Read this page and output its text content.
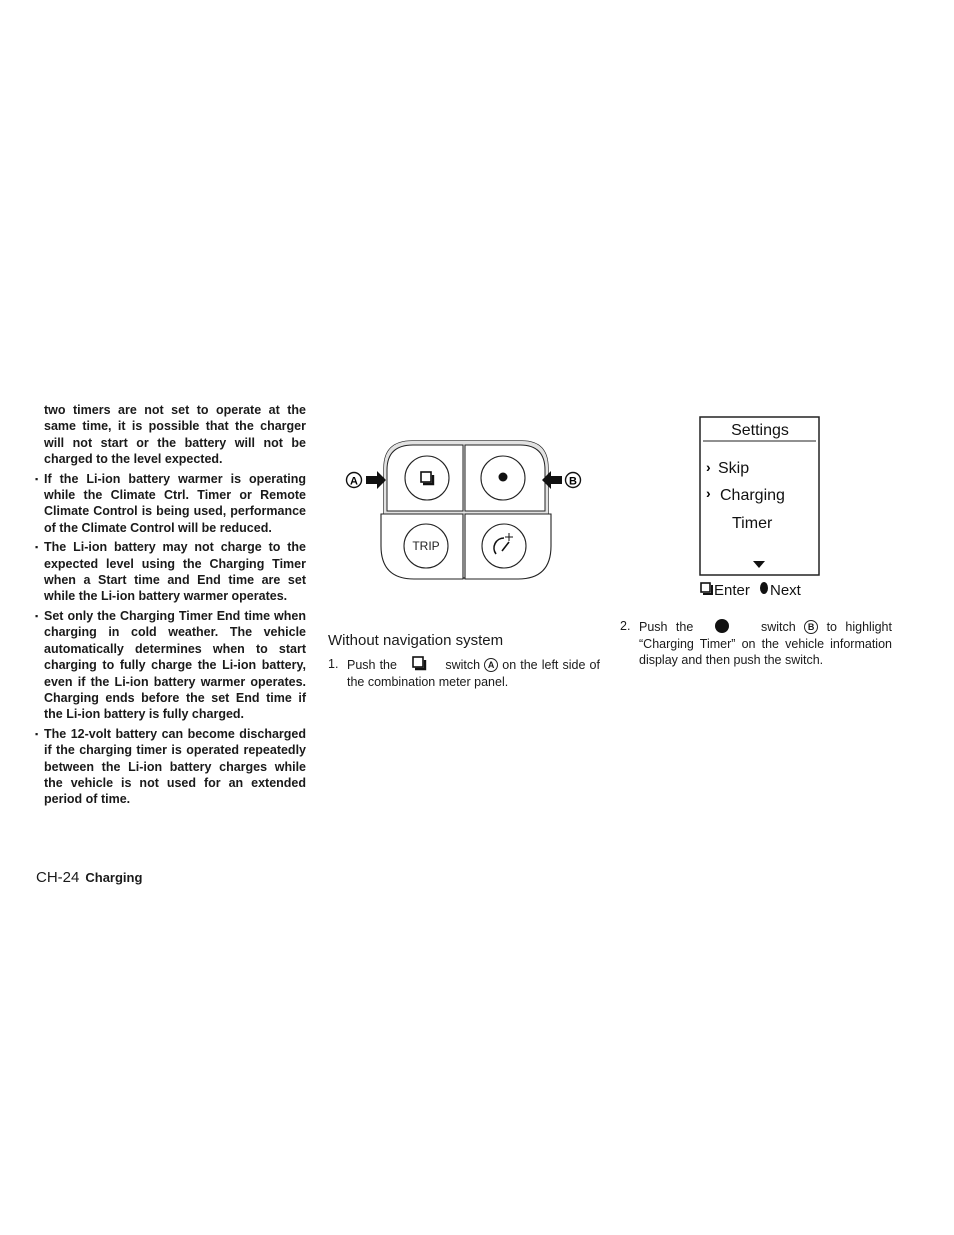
two timers are not set to operate at the same time, it is possible that the charger will not start or the battery will not be charged to the level expected.

▪ If the Li-ion battery warmer is operating while the Climate Ctrl. Timer or Remote Climate Control is being used, performance of the Climate Control will be reduced.

▪ The Li-ion battery may not charge to the expected level using the Charging Timer when a Start time and End time are set while the Li-ion battery warmer operates.

▪ Set only the Charging Timer End time when charging in cold weather. The vehicle automatically determines when to start charging to fully charge the Li-ion battery, even if the Li-ion battery warmer operates. Charging ends before the set End time if the Li-ion battery is fully charged.

▪ The 12-volt battery can become discharged if the charging timer is operated repeatedly between the Li-ion battery charges while the vehicle is not used for an extended period of time.

TRIP
A	B
Settings
› Skip
› Charging
Timer
Enter Next
Without navigation system
1. Push the	switch A on the left side of the combination meter panel.
2. Push the	switch B to highlight “Charging Timer” on the vehicle information display and then push the switch.
CH-24 Charging
